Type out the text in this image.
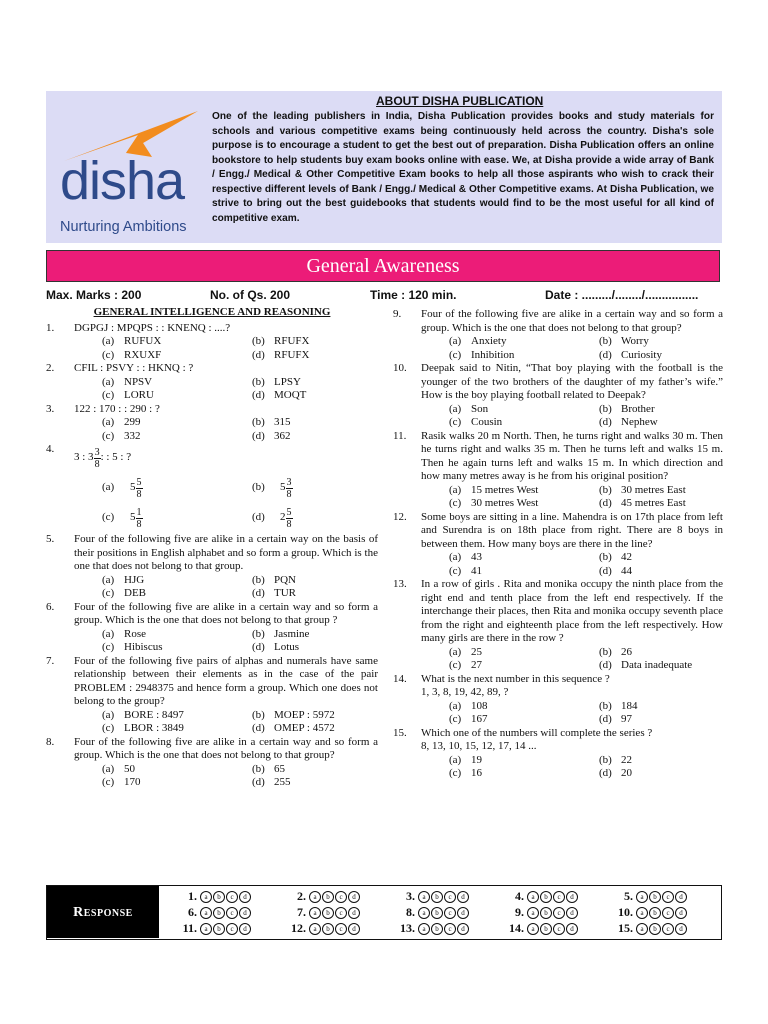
disha
Nurturing Ambitions
ABOUT DISHA PUBLICATION
One of the leading publishers in India, Disha Publication provides books and study materials for schools and various competitive exams being continuously held across the country. Disha's sole purpose is to encourage a student to get the best out of preparation. Disha Publication offers an online bookstore to help students buy exam books online with ease. We, at Disha provide a wide array of Bank / Engg./ Medical & Other Competitive Exam books to help all those aspirants who wish to crack their respective different levels of Bank / Engg./ Medical & Other Competitive exams. At Disha Publication, we strive to bring out the best guidebooks that students would find to be the most useful for all kind of competitive exam.
General Awareness
Max. Marks : 200	No. of Qs. 200	Time : 120 min.	Date : ........./......../................
GENERAL INTELLIGENCE AND REASONING
1. DGPGJ : MPQPS : : KNENQ : ....?
(a) RUFUX	(b) RFUFX
(c) RXUXF	(d) RFUFX
2. CFIL : PSVY : : HKNQ : ?
(a) NPSV	(b) LPSY
(c) LORU	(d) MOQT
3. 122 : 170 : : 290 : ?
(a) 299	(b) 315
(c) 332	(d) 362
4.
3 : $3 \frac{3}{8}$ : : 5 : ?
(a)	$5 \frac{5}{8}$	(b)	$5 \frac{3}{8}$
(c)	$5 \frac{1}{8}$	(d)	$2 \frac{5}{8}$
5. Four of the following five are alike in a certain way on the basis of their positions in English alphabet and so form a group. Which is the one that does not belong to that group.
(a) HJG	(b) PQN
(c) DEB	(d) TUR
6. Four of the following five are alike in a certain way and so form a group. Which is the one that does not belong to that group ?
(a) Rose	(b) Jasmine
(c) Hibiscus	(d) Lotus
7. Four of the following five pairs of alphas and numerals have same relationship between their elements as in the case of the pair PROBLEM : 2948375 and hence form a group. Which one does not belong to the group?
(a) BORE : 8497	(b) MOEP : 5972
(c) LBOR : 3849	(d) OMEP : 4572
8. Four of the following five are alike in a certain way and so form a group. Which is the one that does not belong to that group?
(a) 50	(b) 65
(c) 170	(d) 255
9. Four of the following five are alike in a certain way and so form a group. Which is the one that does not belong to that group?
(a) Anxiety	(b) Worry
(c) Inhibition	(d) Curiosity
10. Deepak said to Nitin, “That boy playing with the football is the younger of the two brothers of the daughter of my father’s wife.” How is the boy playing football related to Deepak?
(a) Son	(b) Brother
(c) Cousin	(d) Nephew
11. Rasik walks 20 m North. Then, he turns right and walks 30 m. Then he turns right and walks 35 m. Then he turns left and walks 15 m. Then he again turns left and walks 15 m. In which direction and how many metres away is he from his original position?
(a) 15 metres West	(b) 30 metres East
(c) 30 metres West	(d) 45 metres East
12. Some boys are sitting in a line. Mahendra is on 17th place from left and Surendra is on 18th place from right. There are 8 boys in between them. How many boys are there in the line?
(a) 43	(b) 42
(c) 41	(d) 44
13. In a row of girls . Rita and monika occupy the ninth place from the right end and tenth place from the left end respectively. If the interchange their places, then Rita and monika occupy seventh place from the right and eighteenth place from the left respectively. How many girls are there in the row ?
(a) 25	(b) 26
(c) 27	(d) Data inadequate
14. What is the next number in this sequence ?
1, 3, 8, 19, 42, 89, ?
(a) 108	(b) 184
(c) 167	(d) 97
15. Which one of the numbers will complete the series ?
8, 13, 10, 15, 12, 17, 14 ...
(a) 19	(b) 22
(c) 16	(d) 20
RESPONSE
1. a b c d	2. a b c d	3. a b c d	4. a b c d	5. a b c d
6. a b c d	7. a b c d	8. a b c d	9. a b c d	10. a b c d
11. a b c d	12. a b c d	13. a b c d	14. a b c d	15. a b c d
